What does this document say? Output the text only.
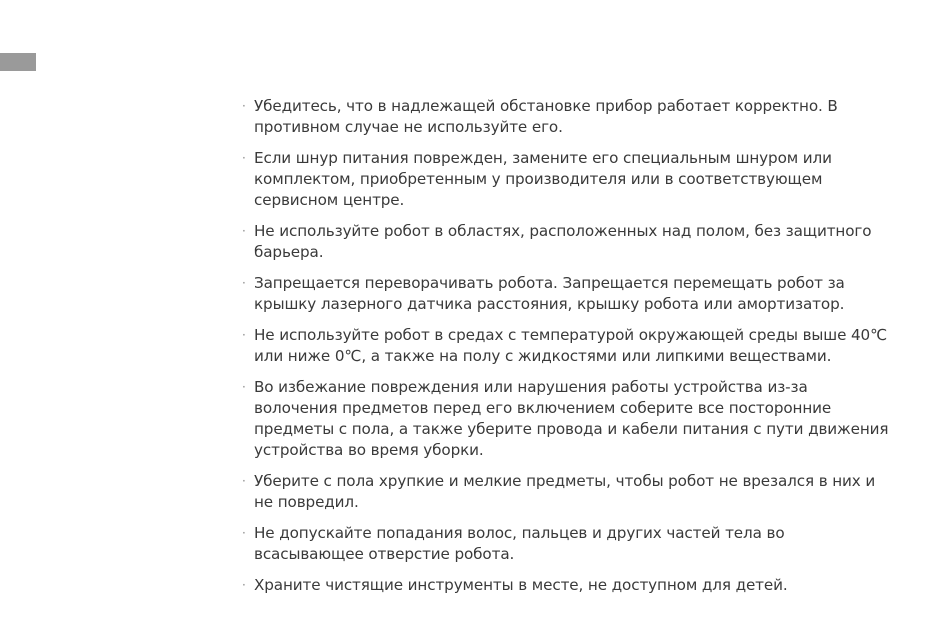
· Убедитесь, что в надлежащей обстановке прибор работает корректно. В противном случае не используйте его.
· Если шнур питания поврежден, замените его специальным шнуром или комплектом, приобретенным у производителя или в соответствующем сервисном центре.
· Не используйте робот в областях, расположенных над полом, без защитного барьера.
· Запрещается переворачивать робота. Запрещается перемещать робот за крышку лазерного датчика расстояния, крышку робота или амортизатор.
· Не используйте робот в средах с температурой окружающей среды выше 40℃ или ниже 0℃, а также на полу с жидкостями или липкими веществами.
· Во избежание повреждения или нарушения работы устройства из-за волочения предметов перед его включением соберите все посторонние предметы с пола, а также уберите провода и кабели питания с пути движения устройства во время уборки.
· Уберите с пола хрупкие и мелкие предметы, чтобы робот не врезался в них и не повредил.
· Не допускайте попадания волос, пальцев и других частей тела во всасывающее отверстие робота.
· Храните чистящие инструменты в месте, не доступном для детей.
